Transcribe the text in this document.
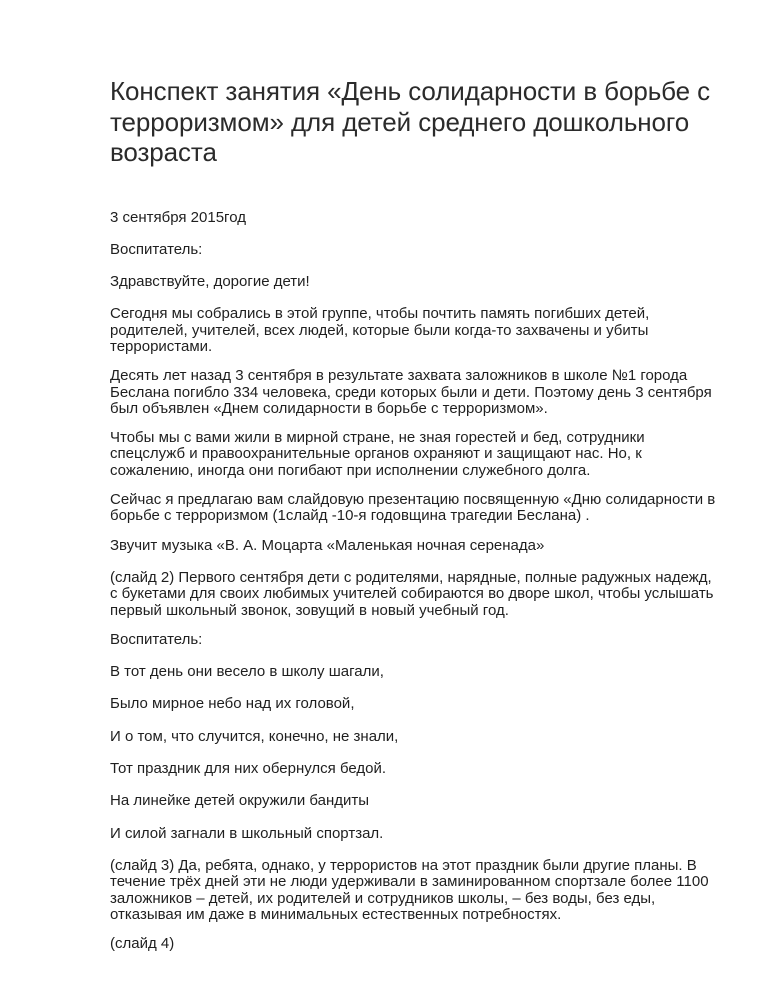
Конспект занятия «День солидарности в борьбе с терроризмом» для детей среднего дошкольного возраста

3 сентября 2015год

Воспитатель:

Здравствуйте, дорогие дети!

Сегодня мы собрались в этой группе, чтобы почтить память погибших детей, родителей, учителей, всех людей, которые были когда-то захвачены и убиты террористами.

Десять лет назад 3 сентября в результате захвата заложников в школе №1 города Беслана погибло 334 человека, среди которых были и дети. Поэтому день 3 сентября был объявлен «Днем солидарности в борьбе с терроризмом».

Чтобы мы с вами жили в мирной стране, не зная горестей и бед, сотрудники спецслужб и правоохранительные органов охраняют и защищают нас. Но, к сожалению, иногда они погибают при исполнении служебного долга.

Сейчас я предлагаю вам слайдовую презентацию посвященную «Дню солидарности в борьбе с терроризмом (1слайд -10-я годовщина трагедии Беслана) .

Звучит музыка «В. А. Моцарта «Маленькая ночная серенада»

(слайд 2) Первого сентября дети с родителями, нарядные, полные радужных надежд, с букетами для своих любимых учителей собираются во дворе школ, чтобы услышать первый школьный звонок, зовущий в новый учебный год.

Воспитатель:

В тот день они весело в школу шагали,

Было мирное небо над их головой,

И о том, что случится, конечно, не знали,

Тот праздник для них обернулся бедой.

На линейке детей окружили бандиты

И силой загнали в школьный спортзал.

(слайд 3) Да, ребята, однако, у террористов на этот праздник были другие планы. В течение трёх дней эти не люди удерживали в заминированном спортзале более 1100 заложников – детей, их родителей и сотрудников школы, – без воды, без еды, отказывая им даже в минимальных естественных потребностях.

(слайд 4)
